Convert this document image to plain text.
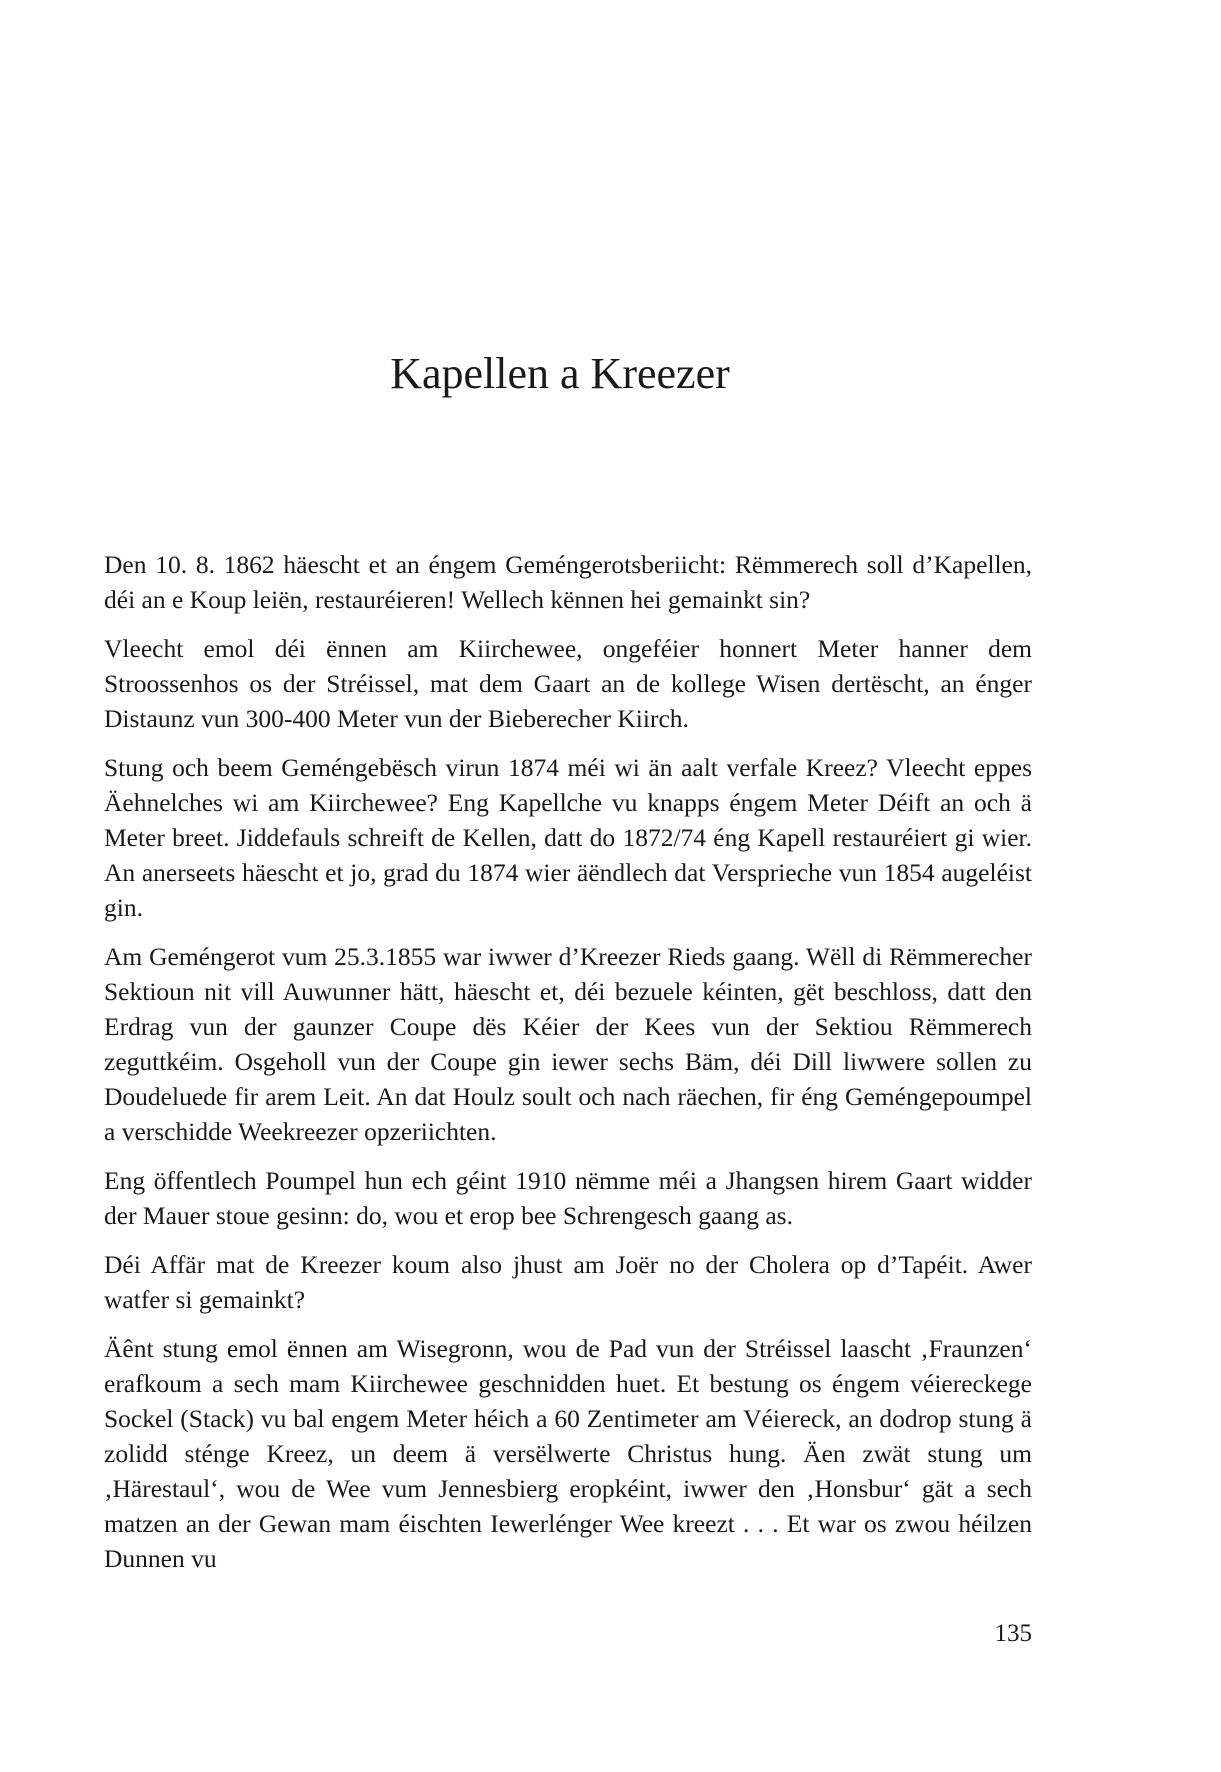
Kapellen a Kreezer

Den 10. 8. 1862 häescht et an éngem Geméngerotsberiicht: Rëmmerech soll d’Kapellen, déi an e Koup leiën, restauréieren! Wellech kënnen hei gemainkt sin?

Vleecht emol déi ënnen am Kiirchewee, ongeféier honnert Meter hanner dem Stroossenhos os der Stréissel, mat dem Gaart an de kollege Wisen dertëscht, an énger Distaunz vun 300-400 Meter vun der Bieberecher Kiirch.

Stung och beem Geméngebësch virun 1874 méi wi än aalt verfale Kreez? Vleecht eppes Äehnelches wi am Kiirchewee? Eng Kapellche vu knapps éngem Meter Déift an och ä Meter breet. Jiddefauls schreift de Kellen, datt do 1872/74 éng Kapell restauréiert gi wier. An anerseets häescht et jo, grad du 1874 wier äëndlech dat Versprieche vun 1854 augeléist gin.

Am Geméngerot vum 25.3.1855 war iwwer d’Kreezer Rieds gaang. Wëll di Rëmmerecher Sektioun nit vill Auwunner hätt, häescht et, déi bezuele kéinten, gët beschloss, datt den Erdrag vun der gaunzer Coupe dës Kéier der Kees vun der Sektiou Rëmmerech zeguttkéim. Osgeholl vun der Coupe gin iewer sechs Bäm, déi Dill liwwere sollen zu Doudeluede fir arem Leit. An dat Houlz soult och nach räechen, fir éng Geméngepoumpel a verschidde Weekreezer opzeriichten.

Eng öffentlech Poumpel hun ech géint 1910 nëmme méi a Jhangsen hirem Gaart widder der Mauer stoue gesinn: do, wou et erop bee Schrengesch gaang as.

Déi Affär mat de Kreezer koum also jhust am Joër no der Cholera op d’Tapéit. Awer watfer si gemainkt?

Äênt stung emol ënnen am Wisegronn, wou de Pad vun der Stréissel laascht ‚Fraunzen‘ erafkoum a sech mam Kiirchewee geschnidden huet. Et bestung os éngem véiereckege Sockel (Stack) vu bal engem Meter héich a 60 Zentimeter am Véiereck, an dodrop stung ä zolidd sténge Kreez, un deem ä versëlwerte Christus hung. Äen zwät stung um ‚Härestaul‘, wou de Wee vum Jennesbierg eropkéint, iwwer den ‚Honsbur‘ gät a sech matzen an der Gewan mam éischten Iewerlénger Wee kreezt . . . Et war os zwou héilzen Dunnen vu

135
